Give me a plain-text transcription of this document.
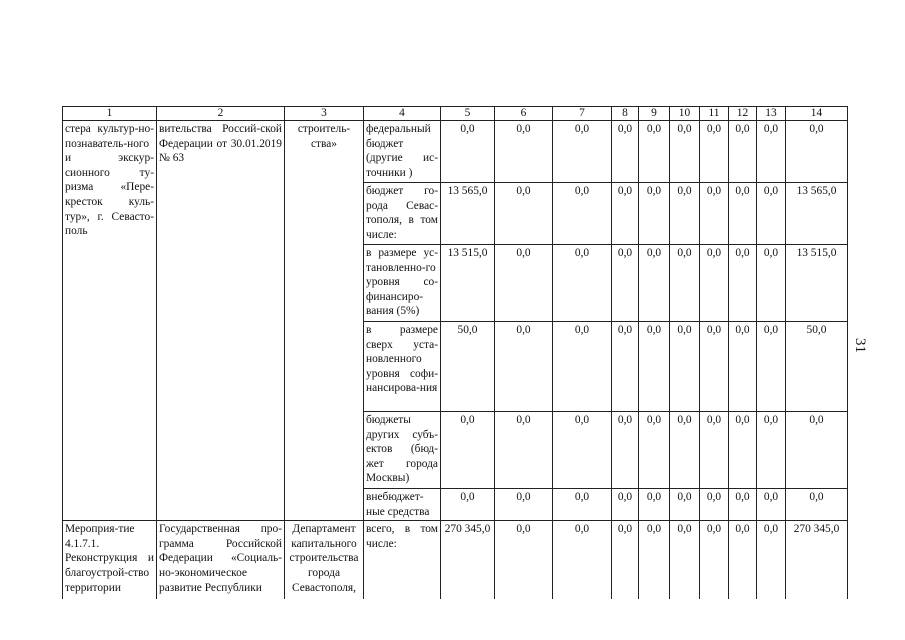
1	2	3	4	5	6	7	8	9	10	11	12	13	14
стера культур-но-познаватель-ного и экскур-сионного ту-ризма «Пере-кресток куль-тур», г. Севасто-поль	вительства Россий-ской Федерации от 30.01.2019 № 63	строитель-ства»	федеральный бюджет (другие ис-точники )	0,0	0,0	0,0	0,0	0,0	0,0	0,0	0,0	0,0	0,0
			бюджет го-рода Севас-тополя, в том числе:	13 565,0	0,0	0,0	0,0	0,0	0,0	0,0	0,0	0,0	13 565,0
			в размере ус-тановленно-го уровня со-финансиро-вания (5%)	13 515,0	0,0	0,0	0,0	0,0	0,0	0,0	0,0	0,0	13 515,0
			в размере сверх уста-новленного уровня софи-нансирова-ния	50,0	0,0	0,0	0,0	0,0	0,0	0,0	0,0	0,0	50,0
			бюджеты других субъ-ектов (бюд-жет города Москвы)	0,0	0,0	0,0	0,0	0,0	0,0	0,0	0,0	0,0	0,0
			внебюджет-ные средства	0,0	0,0	0,0	0,0	0,0	0,0	0,0	0,0	0,0	0,0
Мероприя-тие 4.1.7.1. Реконструкция и благоустрой-ство территории	Государственная про-грамма Российской Федерации «Социаль-но-экономическое развитие Республики	Департамент капитального строительства города Севастополя,	всего, в том числе:	270 345,0	0,0	0,0	0,0	0,0	0,0	0,0	0,0	0,0	270 345,0
31
